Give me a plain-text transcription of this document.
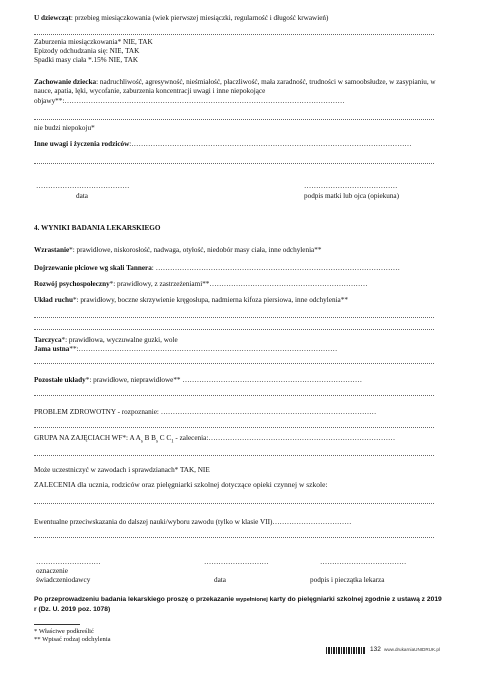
U dziewcząt: przebieg miesiączkowania (wiek pierwszej miesiączki, regularność i długość krwawień)
Zaburzenia miesiączkowania* NIE, TAK
Epizody odchudzania się: NIE, TAK
Spadki masy ciała *.15% NIE, TAK
Zachowanie dziecka: nadruchliwość, agresywność, nieśmiałość, płaczliwość, mała zaradność, trudności w samoobsłudze, w zasypianiu, w nauce, apatia, lęki, wycofanie, zaburzenia koncentracji uwagi i inne niepokojące objawy**:………………………………………………………………………………………………………
nie budzi niepokoju*
Inne uwagi i życzenia rodziców:………………………………………………………………………………………………………
…………………………………	…………………………………
data	podpis matki lub ojca (opiekuna)
4. WYNIKI BADANIA LEKARSKIEGO
Wzrastanie*: prawidłowe, niskorosłość, nadwaga, otyłość, niedobór masy ciała, inne odchylenia**
Dojrzewanie płciowe wg skali Tannera: …………………………………………………………………………………………
Rozwój psychospołeczny*: prawidłowy, z zastrzeżeniami**…………………………………………………………
Układ ruchu*: prawidłowy, boczne skrzywienie kręgosłupa, nadmierna kifoza piersiowa, inne odchylenia**
Tarczyca*: prawidłowa, wyczuwalne guzki, wole
Jama ustna**:………………………………………………………………………………………………
Pozostałe układy*: prawidłowe, nieprawidłowe** …………………………………………………………………
PROBLEM ZDROWOTNY - rozpoznanie: ………………………………………………………………………………
GRUPA NA ZAJĘCIACH WF*: A $A_s$ B $B_s$ C $C_1$ - zalecenia:……………………………………………………………………
Może uczestniczyć w zawodach i sprawdzianach* TAK, NIE
ZALECENIA dla ucznia, rodziców oraz pielęgniarki szkolnej dotyczące opieki czynnej w szkole:
Ewentualne przeciwskazania do dalszej nauki/wyboru zawodu (tylko w klasie VII)……………………………
………………………	………………………	………………………………
oznaczenie
świadczeniodawcy	data	podpis i pieczątka lekarza
Po przeprowadzeniu badania lekarskiego proszę o przekazanie wypełnionej karty do pielęgniarki szkolnej zgodnie z ustawą z 2019 r (Dz. U. 2019 poz. 1078)
* Właściwe podkreślić
** Wpisać rodzaj odchylenia
132 www.drukarniaUNIDRUK.pl
